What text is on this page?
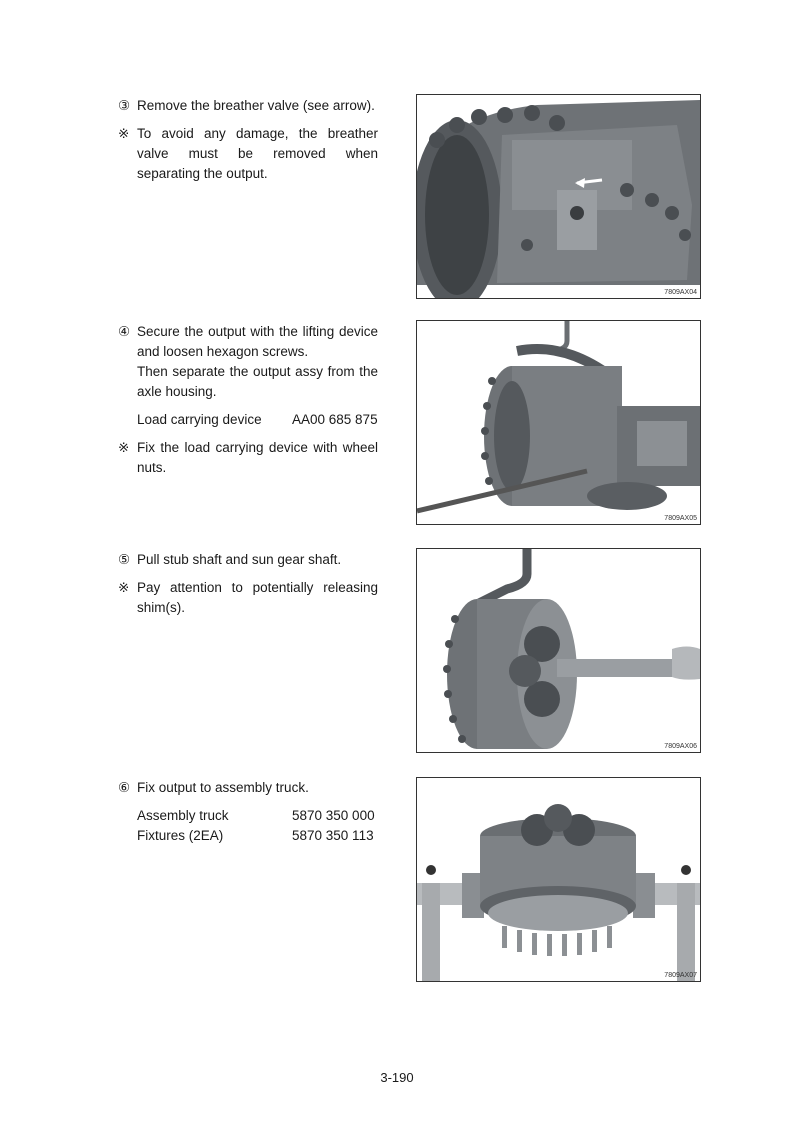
③ Remove the breather valve (see arrow).
※ To avoid any damage, the breather valve must be removed when separating the output.
7809AX04
④ Secure the output with the lifting device and loosen hexagon screws.
Then separate the output assy from the axle housing.
Load carrying device	AA00 685 875
※ Fix the load carrying device with wheel nuts.
7809AX05
⑤ Pull stub shaft and sun gear shaft.
※ Pay attention to potentially releasing shim(s).
7809AX06
⑥ Fix output to assembly truck.
Assembly truck	5870 350 000
Fixtures (2EA)	5870 350 113
7809AX07
3-190
